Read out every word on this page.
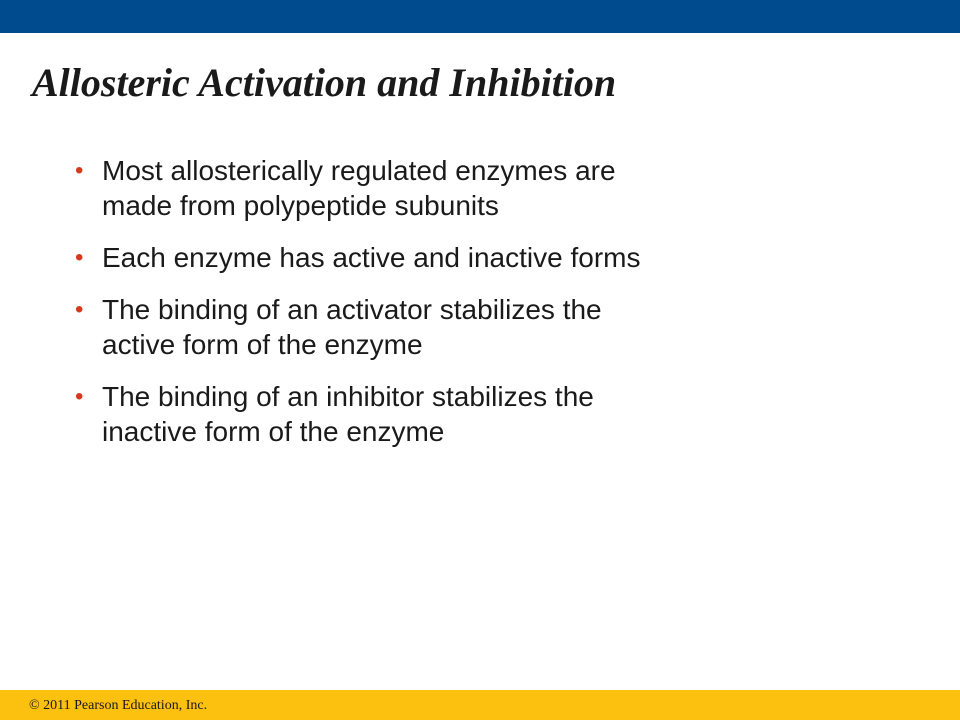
Allosteric Activation and Inhibition
• Most allosterically regulated enzymes are
made from polypeptide subunits
• Each enzyme has active and inactive forms
• The binding of an activator stabilizes the
active form of the enzyme
• The binding of an inhibitor stabilizes the
inactive form of the enzyme
© 2011 Pearson Education, Inc.
